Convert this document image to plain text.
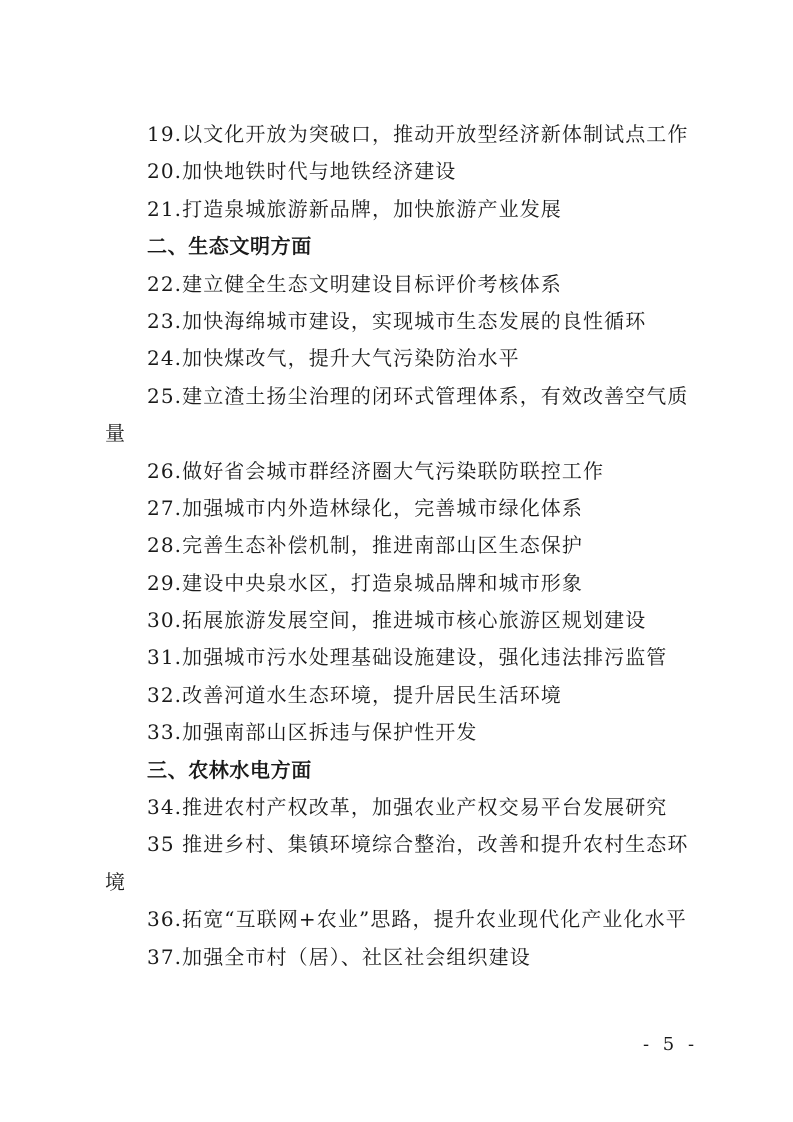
19.以文化开放为突破口，推动开放型经济新体制试点工作
20.加快地铁时代与地铁经济建设
21.打造泉城旅游新品牌，加快旅游产业发展
二、生态文明方面
22.建立健全生态文明建设目标评价考核体系
23.加快海绵城市建设，实现城市生态发展的良性循环
24.加快煤改气，提升大气污染防治水平
25.建立渣土扬尘治理的闭环式管理体系，有效改善空气质
量
26.做好省会城市群经济圈大气污染联防联控工作
27.加强城市内外造林绿化，完善城市绿化体系
28.完善生态补偿机制，推进南部山区生态保护
29.建设中央泉水区，打造泉城品牌和城市形象
30.拓展旅游发展空间，推进城市核心旅游区规划建设
31.加强城市污水处理基础设施建设，强化违法排污监管
32.改善河道水生态环境，提升居民生活环境
33.加强南部山区拆违与保护性开发
三、农林水电方面
34.推进农村产权改革，加强农业产权交易平台发展研究
35 推进乡村、集镇环境综合整治，改善和提升农村生态环
境
36.拓宽“互联网+农业”思路，提升农业现代化产业化水平
37.加强全市村（居）、社区社会组织建设
- 5 -
